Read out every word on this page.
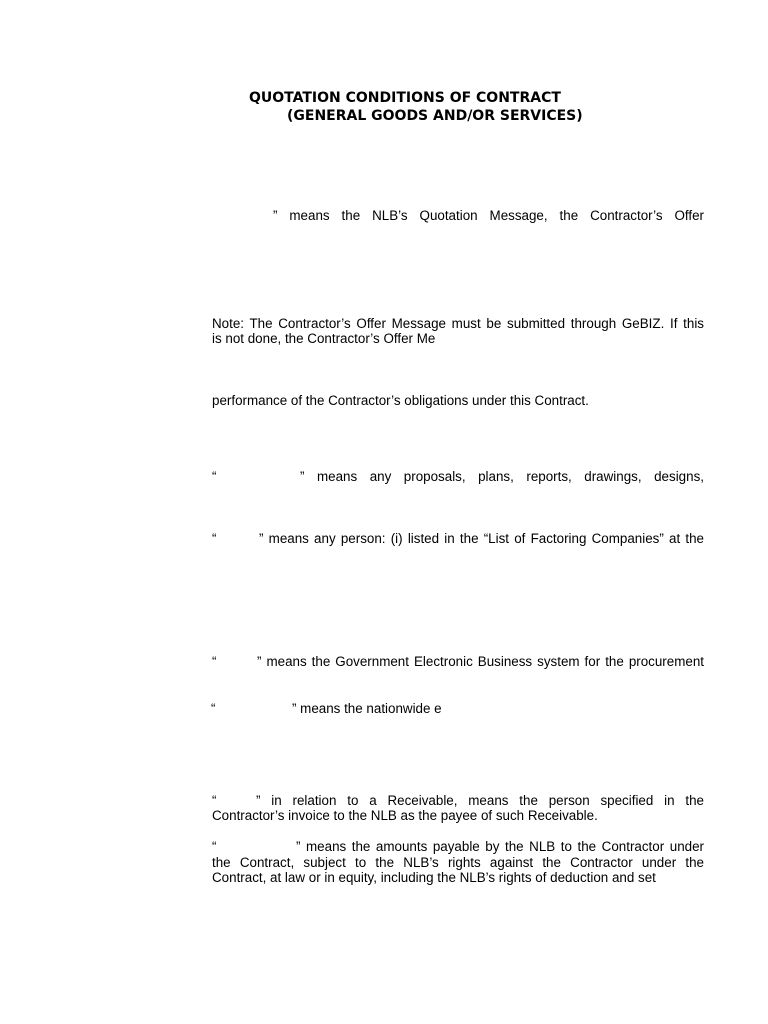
QUOTATION CONDITIONS OF CONTRACT
(GENERAL GOODS AND/OR SERVICES)
” means the NLB’s Quotation Message, the Contractor’s Offer
Note: The Contractor’s Offer Message must be submitted through GeBIZ. If this
is not done, the Contractor’s Offer Me
performance of the Contractor’s obligations under this Contract.
“	” means any proposals, plans, reports, drawings, designs,
“	” means any person: (i) listed in the “List of Factoring Companies” at the
“	” means the Government Electronic Business system for the procurement
“	” means the nationwide e
“	” in relation to a Receivable, means the person specified in the
Contractor’s invoice to the NLB as the payee of such Receivable.
“	” means the amounts payable by the NLB to the Contractor under
the Contract, subject to the NLB’s rights against the Contractor under the
Contract, at law or in equity, including the NLB’s rights of deduction and set
